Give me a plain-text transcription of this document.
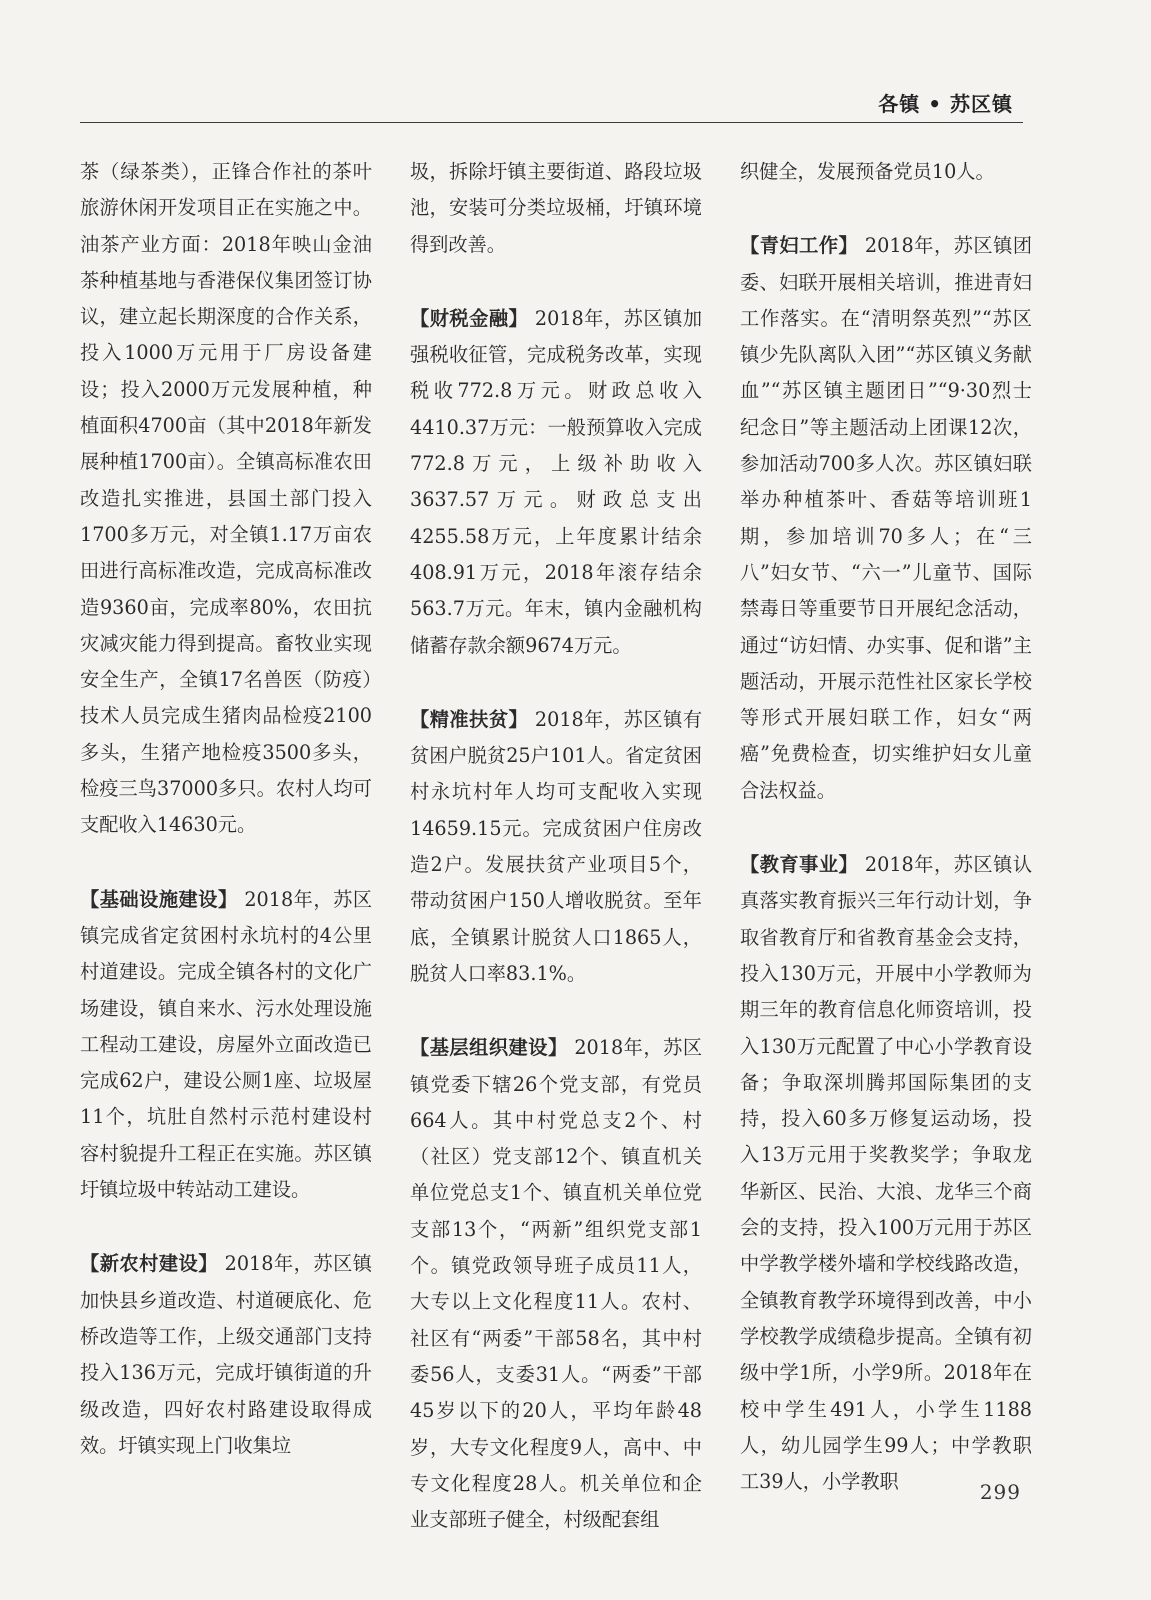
各镇 • 苏区镇

茶（绿茶类），正锋合作社的茶叶旅游休闲开发项目正在实施之中。油茶产业方面：2018年映山金油茶种植基地与香港保仪集团签订协议，建立起长期深度的合作关系，投入1000万元用于厂房设备建设；投入2000万元发展种植，种植面积4700亩（其中2018年新发展种植1700亩）。全镇高标准农田改造扎实推进，县国土部门投入1700多万元，对全镇1.17万亩农田进行高标准改造，完成高标准改造9360亩，完成率80%，农田抗灾减灾能力得到提高。畜牧业实现安全生产，全镇17名兽医（防疫）技术人员完成生猪肉品检疫2100多头，生猪产地检疫3500多头，检疫三鸟37000多只。农村人均可支配收入14630元。

【基础设施建设】 2018年，苏区镇完成省定贫困村永坑村的4公里村道建设。完成全镇各村的文化广场建设，镇自来水、污水处理设施工程动工建设，房屋外立面改造已完成62户，建设公厕1座、垃圾屋11个，坑肚自然村示范村建设村容村貌提升工程正在实施。苏区镇圩镇垃圾中转站动工建设。

【新农村建设】 2018年，苏区镇加快县乡道改造、村道硬底化、危桥改造等工作，上级交通部门支持投入136万元，完成圩镇街道的升级改造，四好农村路建设取得成效。圩镇实现上门收集垃

圾，拆除圩镇主要街道、路段垃圾池，安装可分类垃圾桶，圩镇环境得到改善。

【财税金融】 2018年，苏区镇加强税收征管，完成税务改革，实现税收772.8万元。财政总收入4410.37万元：一般预算收入完成772.8万元，上级补助收入3637.57万元。财政总支出4255.58万元，上年度累计结余408.91万元，2018年滚存结余563.7万元。年末，镇内金融机构储蓄存款余额9674万元。

【精准扶贫】 2018年，苏区镇有贫困户脱贫25户101人。省定贫困村永坑村年人均可支配收入实现14659.15元。完成贫困户住房改造2户。发展扶贫产业项目5个，带动贫困户150人增收脱贫。至年底，全镇累计脱贫人口1865人，脱贫人口率83.1%。

【基层组织建设】 2018年，苏区镇党委下辖26个党支部，有党员664人。其中村党总支2个、村（社区）党支部12个、镇直机关单位党总支1个、镇直机关单位党支部13个，“两新”组织党支部1个。镇党政领导班子成员11人，大专以上文化程度11人。农村、社区有“两委”干部58名，其中村委56人，支委31人。“两委”干部45岁以下的20人，平均年龄48岁，大专文化程度9人，高中、中专文化程度28人。机关单位和企业支部班子健全，村级配套组

织健全，发展预备党员10人。

【青妇工作】 2018年，苏区镇团委、妇联开展相关培训，推进青妇工作落实。在“清明祭英烈”“苏区镇少先队离队入团”“苏区镇义务献血”“苏区镇主题团日”“9·30烈士纪念日”等主题活动上团课12次，参加活动700多人次。苏区镇妇联举办种植茶叶、香菇等培训班1期，参加培训70多人；在“三八”妇女节、“六一”儿童节、国际禁毒日等重要节日开展纪念活动，通过“访妇情、办实事、促和谐”主题活动，开展示范性社区家长学校等形式开展妇联工作，妇女“两癌”免费检查，切实维护妇女儿童合法权益。

【教育事业】 2018年，苏区镇认真落实教育振兴三年行动计划，争取省教育厅和省教育基金会支持，投入130万元，开展中小学教师为期三年的教育信息化师资培训，投入130万元配置了中心小学教育设备；争取深圳腾邦国际集团的支持，投入60多万修复运动场，投入13万元用于奖教奖学；争取龙华新区、民治、大浪、龙华三个商会的支持，投入100万元用于苏区中学教学楼外墙和学校线路改造，全镇教育教学环境得到改善，中小学校教学成绩稳步提高。全镇有初级中学1所，小学9所。2018年在校中学生491人，小学生1188人，幼儿园学生99人；中学教职工39人，小学教职	299
